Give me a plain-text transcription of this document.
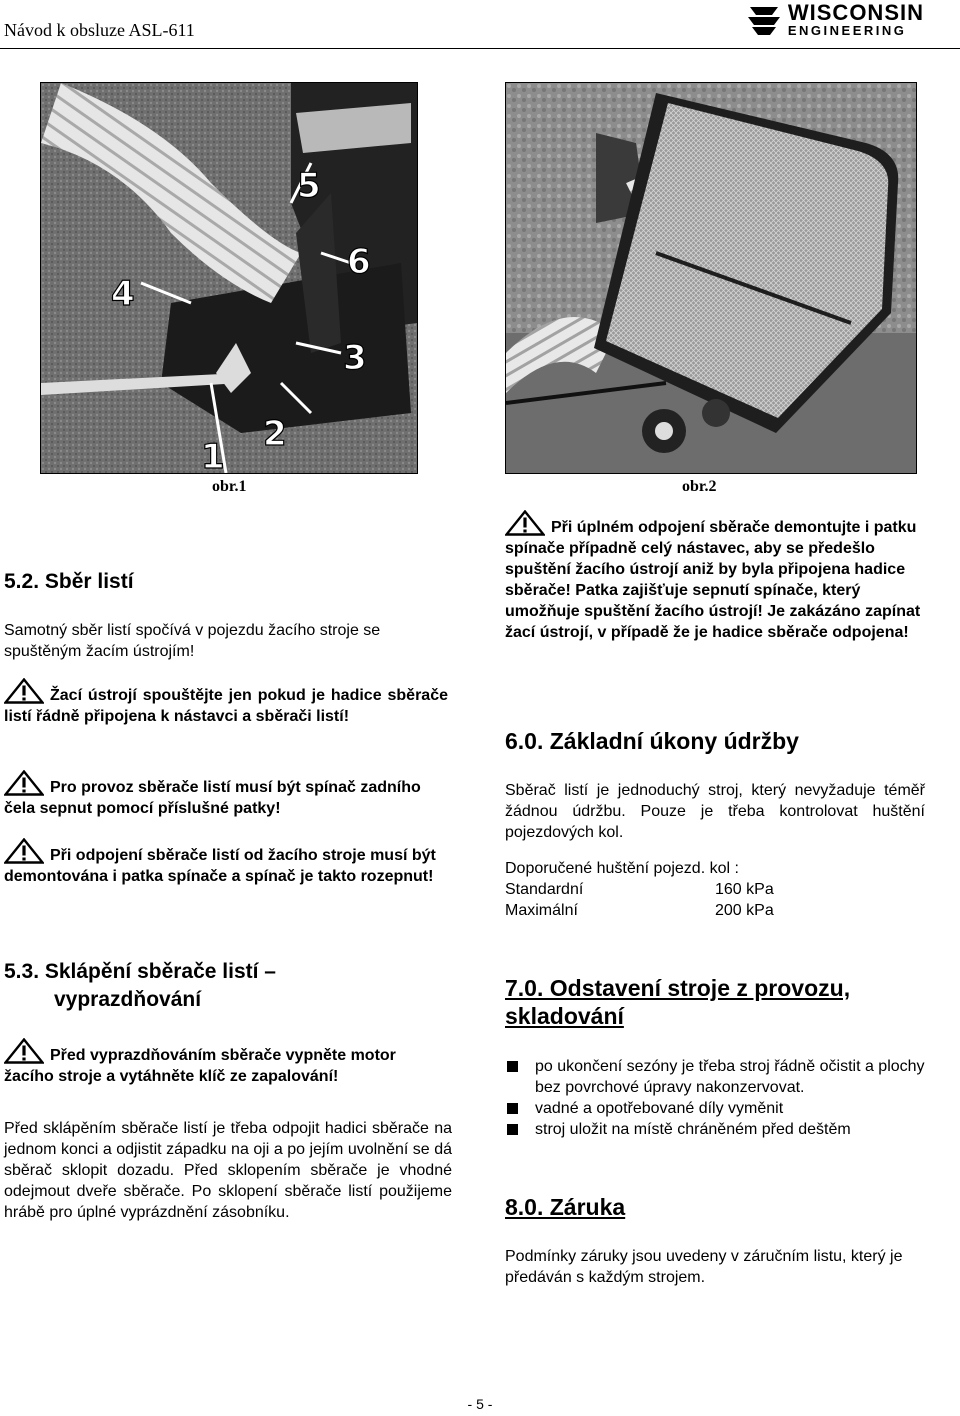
Návod k obsluze ASL-611
WISCONSIN
ENGINEERING
1
2
3
4
5
6
obr.1	obr.2
5.2. Sběr listí

Samotný sběr listí spočívá v pojezdu žacího stroje se spuštěným žacím ústrojím!

Žací ústrojí spouštějte jen pokud je hadice sběrače listí řádně připojena k nástavci a sběrači listí!

Pro provoz sběrače listí musí být spínač zadního čela sepnut pomocí příslušné patky!

Při odpojení sběrače listí od žacího stroje musí být demontována i patka spínače a spínač je takto rozepnut!

5.3. Sklápění sběrače listí –
vyprazdňování

Před vyprazdňováním sběrače vypněte motor žacího stroje a vytáhněte klíč ze zapalování!

Před sklápěním sběrače listí je třeba odpojit hadici sběrače na jednom konci a odjistit západku na oji a po jejím uvolnění se dá sběrač sklopit dozadu. Před sklopením sběrače je vhodné odejmout dveře sběrače. Po sklopení sběrače listí použijeme hrábě pro úplné vyprázdnění zásobníku.

Při úplném odpojení sběrače demontujte i patku spínače případně celý nástavec, aby se předešlo spuštění žacího ústrojí aniž by byla připojena hadice sběrače! Patka zajišťuje sepnutí spínače, který umožňuje spuštění žacího ústrojí! Je zakázáno zapínat žací ústrojí, v případě že je hadice sběrače odpojena!

6.0. Základní úkony údržby

Sběrač listí je jednoduchý stroj, který nevyžaduje téměř žádnou údržbu. Pouze je třeba kontrolovat huštění pojezdových kol.

Doporučené huštění pojezd. kol :
Standardní	160 kPa
Maximální	200 kPa
7.0. Odstavení stroje z provozu,
skladování
po ukončení sezóny je třeba stroj řádně očistit a plochy bez povrchové úpravy nakonzervovat.
vadné a opotřebované díly vyměnit
stroj uložit na místě chráněném před deštěm
8.0. Záruka

Podmínky záruky jsou uvedeny v záručním listu, který je předáván s každým strojem.

- 5 -
